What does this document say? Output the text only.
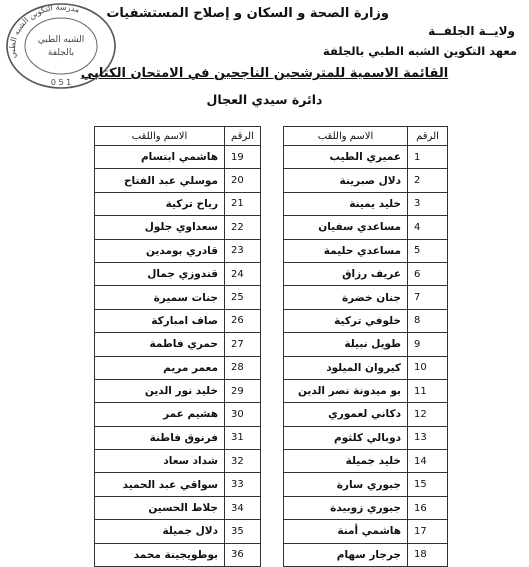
مدرسة التكوين الشبه الطبي
الشبه الطبي
بالجلفة
0 5 1
وزارة الصحة و السكان و إصلاح المستشفيات
ولايــة الجلفــة
معهد التكوين الشبه الطبي بالجلفة
القائمة الاسمية للمترشحين الناجحين في الامتحان الكتابي
دائرة سيدي العجال
الرقم	الاسم واللقب
1	عميري الطيب
2	دلال صبرينة
3	خليد يمينة
4	مساعدي سفيان
5	مساعدي حليمة
6	عريف رزاق
7	جنان خضرة
8	خلوفي تركية
9	طويل نبيلة
10	كيروان الميلود
11	بو ميدونة نصر الدين
12	دكاني لعموري
13	دوبالي كلثوم
14	خليد جميلة
15	جبوري سارة
16	جبوري زوبيدة
17	هاشمي أمنة
18	جرجار سهام
الرقم	الاسم واللقب
19	هاشمي ابتسام
20	موسلي عبد الفتاح
21	رياح تركية
22	سعداوي جلول
23	قادري بومدين
24	قندوزي جمال
25	جنات سميرة
26	صاف امباركة
27	حمري فاطمة
28	معمر مريم
29	خليد نور الدين
30	هشيم عمر
31	فرنوق فاطنة
32	شداد سعاد
33	سواقي عبد الحميد
34	جلاط الحسين
35	دلال جميلة
36	بوطويجينة محمد
